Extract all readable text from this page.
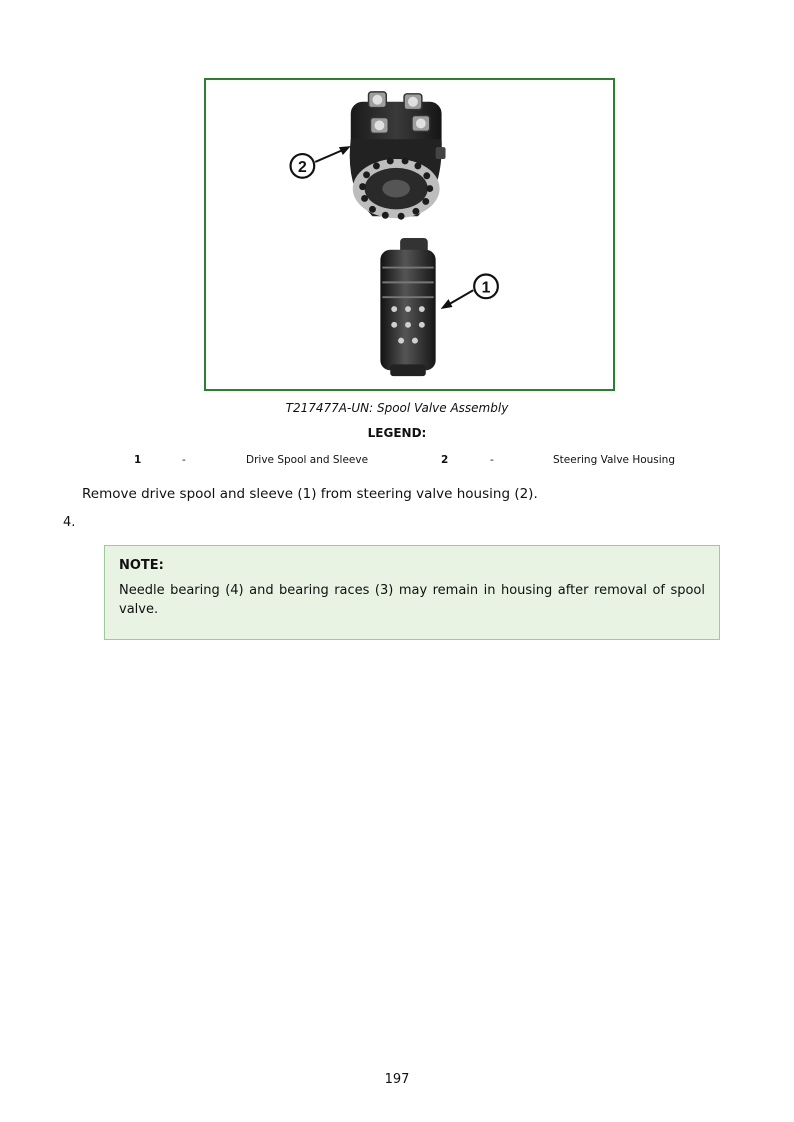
2
1
T217477A-UN: Spool Valve Assembly
LEGEND:
1	-	Drive Spool and Sleeve	2	-	Steering Valve Housing
Remove drive spool and sleeve (1) from steering valve housing (2).
4.
NOTE:
Needle bearing (4) and bearing races (3) may remain in housing after removal of spool valve.
197
